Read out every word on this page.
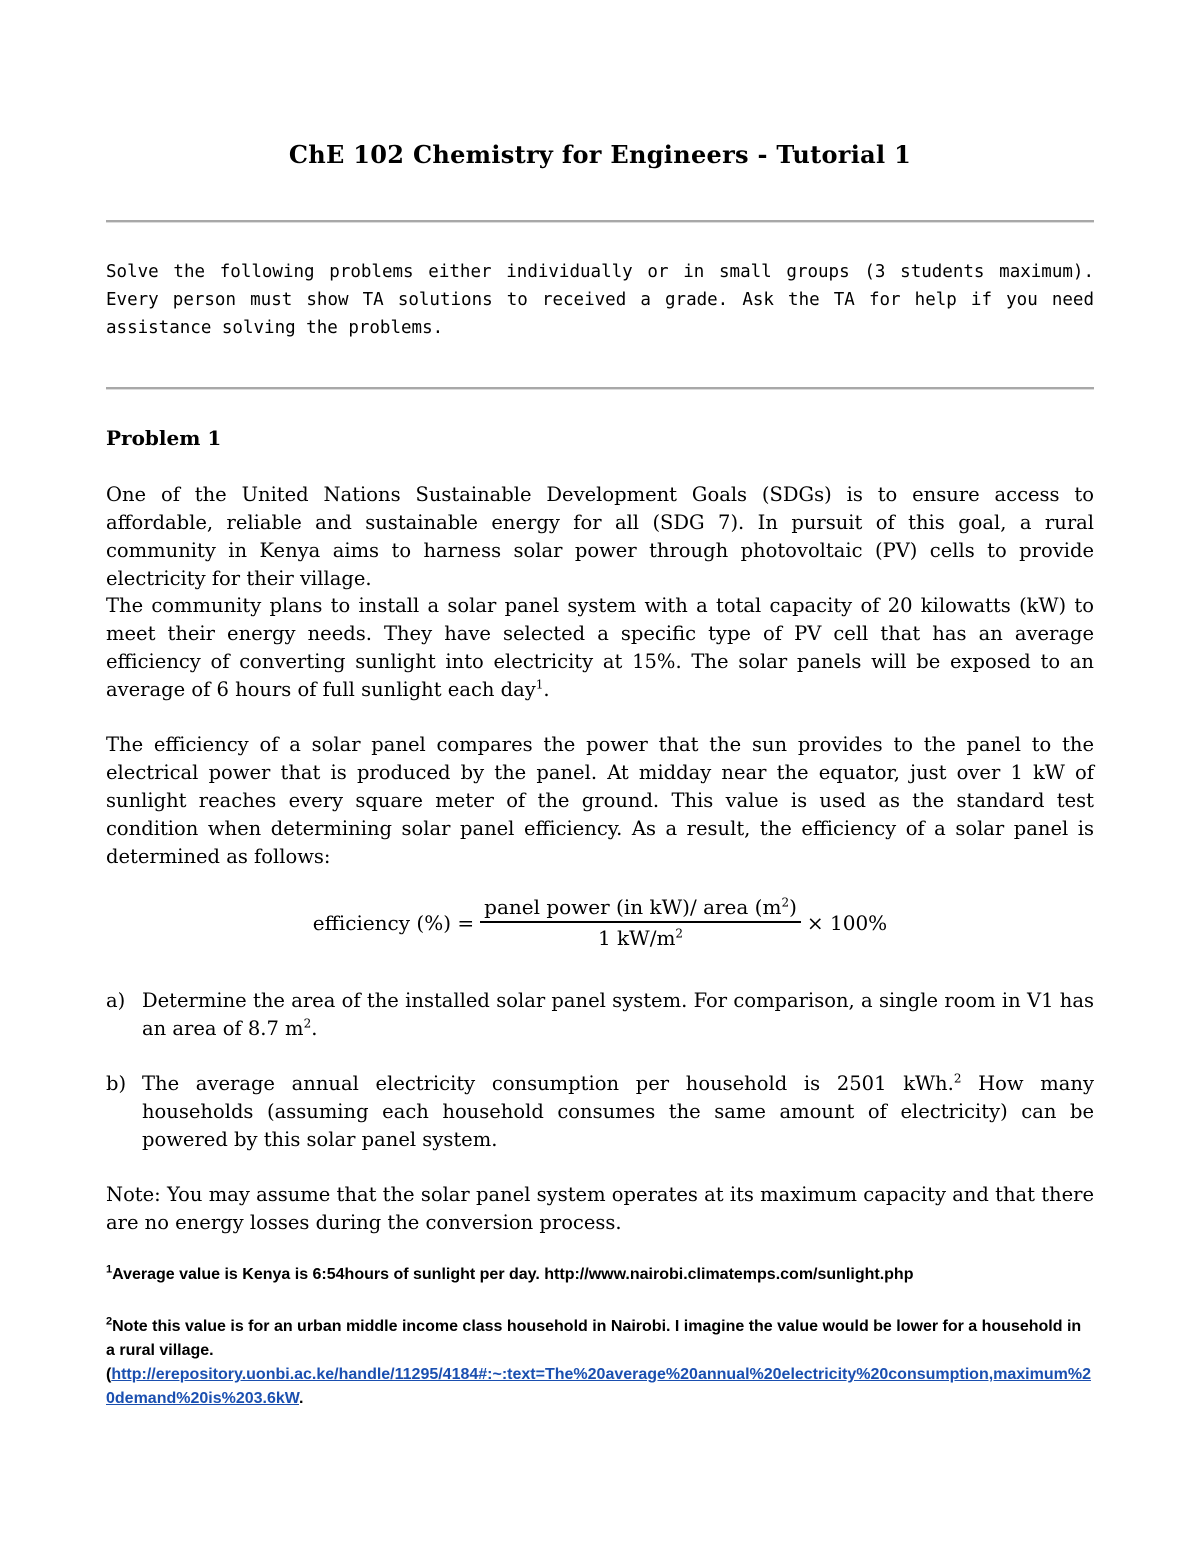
ChE 102 Chemistry for Engineers - Tutorial 1

Solve the following problems either individually or in small groups (3 students maximum). Every person must show TA solutions to received a grade. Ask the TA for help if you need assistance solving the problems.

Problem 1

One of the United Nations Sustainable Development Goals (SDGs) is to ensure access to affordable, reliable and sustainable energy for all (SDG 7). In pursuit of this goal, a rural community in Kenya aims to harness solar power through photovoltaic (PV) cells to provide electricity for their village.

The community plans to install a solar panel system with a total capacity of 20 kilowatts (kW) to meet their energy needs. They have selected a specific type of PV cell that has an average efficiency of converting sunlight into electricity at 15%. The solar panels will be exposed to an average of 6 hours of full sunlight each day$^1$.

The efficiency of a solar panel compares the power that the sun provides to the panel to the electrical power that is produced by the panel. At midday near the equator, just over 1 kW of sunlight reaches every square meter of the ground. This value is used as the standard test condition when determining solar panel efficiency. As a result, the efficiency of a solar panel is determined as follows:

efficiency (%) = $\frac{panel power (in kW)/ area (m^2)}{1 kW/m^2} \times 100\%$
a) Determine the area of the installed solar panel system. For comparison, a single room in V1 has an area of 8.7 $m^2$.
b) The average annual electricity consumption per household is 2501 kWh.$^2$ How many households (assuming each household consumes the same amount of electricity) can be powered by this solar panel system.

Note: You may assume that the solar panel system operates at its maximum capacity and that there are no energy losses during the conversion process.

$^1$Average value is Kenya is 6:54hours of sunlight per day. http://www.nairobi.climatemps.com/sunlight.php
$^2$Note this value is for an urban middle income class household in Nairobi. I imagine the value would be lower for a household in a rural village.
(http://erepository.uonbi.ac.ke/handle/11295/4184#:~:text=The%20average%20annual%20electricity%20consumption,maximum%20demand%20is%203.6kW.
